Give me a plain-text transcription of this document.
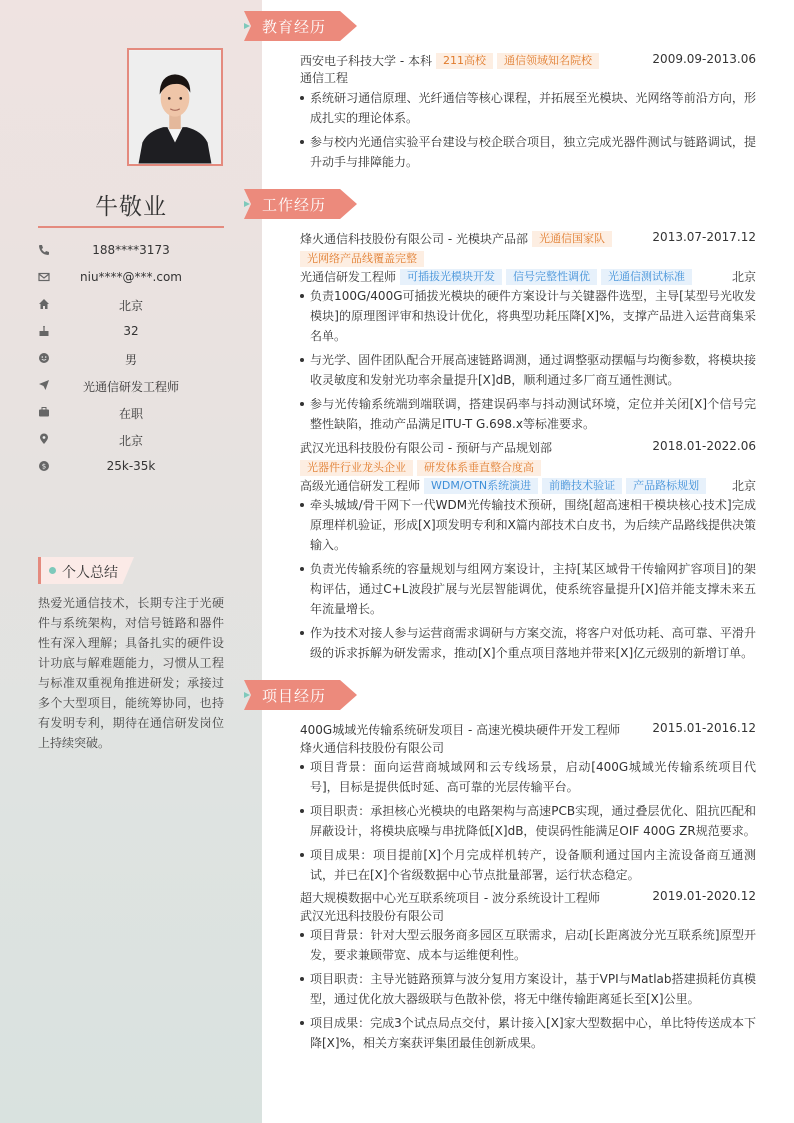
牛敬业
188****3173
niu****@***.com
北京
32
男
光通信研发工程师
在职
北京
$	25k-35k
个人总结
热爱光通信技术，长期专注于光硬件与系统架构，对信号链路和器件性有深入理解；具备扎实的硬件设计功底与解难题能力，习惯从工程与标准双重视角推进研发；承接过多个大型项目，能统筹协同，也持有发明专利，期待在通信研发岗位上持续突破。
教育经历
西安电子科技大学 - 本科 211高校 通信领域知名院校	2009.09-2013.06
通信工程
系统研习通信原理、光纤通信等核心课程，并拓展至光模块、光网络等前沿方向，形成扎实的理论体系。
参与校内光通信实验平台建设与校企联合项目，独立完成光器件测试与链路调试，提升动手与排障能力。
工作经历
烽火通信科技股份有限公司 - 光模块产品部 光通信国家队	2013.07-2017.12
光网络产品线覆盖完整
光通信研发工程师 可插拔光模块开发 信号完整性调优 光通信测试标准	北京
负责100G/400G可插拔光模块的硬件方案设计与关键器件选型，主导[某型号光收发模块]的原理图评审和热设计优化，将典型功耗压降[X]%，支撑产品进入运营商集采名单。
与光学、固件团队配合开展高速链路调测，通过调整驱动摆幅与均衡参数，将模块接收灵敏度和发射光功率余量提升[X]dB，顺利通过多厂商互通性测试。
参与光传输系统端到端联调，搭建误码率与抖动测试环境，定位并关闭[X]个信号完整性缺陷，推动产品满足ITU-T G.698.x等标准要求。
武汉光迅科技股份有限公司 - 预研与产品规划部	2018.01-2022.06
光器件行业龙头企业 研发体系垂直整合度高
高级光通信研发工程师 WDM/OTN系统演进 前瞻技术验证 产品路标规划	北京
牵头城域/骨干网下一代WDM光传输技术预研，围绕[超高速相干模块核心技术]完成原理样机验证，形成[X]项发明专利和X篇内部技术白皮书，为后续产品路线提供决策输入。
负责光传输系统的容量规划与组网方案设计，主持[某区域骨干传输网扩容项目]的架构评估，通过C+L波段扩展与光层智能调优，使系统容量提升[X]倍并能支撑未来五年流量增长。
作为技术对接人参与运营商需求调研与方案交流，将客户对低功耗、高可靠、平滑升级的诉求拆解为研发需求，推动[X]个重点项目落地并带来[X]亿元级别的新增订单。
项目经历
400G城域光传输系统研发项目 - 高速光模块硬件开发工程师	2015.01-2016.12
烽火通信科技股份有限公司
项目背景：面向运营商城域网和云专线场景，启动[400G城域光传输系统项目代号]，目标是提供低时延、高可靠的光层传输平台。
项目职责：承担核心光模块的电路架构与高速PCB实现，通过叠层优化、阻抗匹配和屏蔽设计，将模块底噪与串扰降低[X]dB，使误码性能满足OIF 400G ZR规范要求。
项目成果：项目提前[X]个月完成样机转产，设备顺利通过国内主流设备商互通测试，并已在[X]个省级数据中心节点批量部署，运行状态稳定。
超大规模数据中心光互联系统项目 - 波分系统设计工程师	2019.01-2020.12
武汉光迅科技股份有限公司
项目背景：针对大型云服务商多园区互联需求，启动[长距离波分光互联系统]原型开发，要求兼顾带宽、成本与运维便利性。
项目职责：主导光链路预算与波分复用方案设计，基于VPI与Matlab搭建损耗仿真模型，通过优化放大器级联与色散补偿，将无中继传输距离延长至[X]公里。
项目成果：完成3个试点局点交付，累计接入[X]家大型数据中心，单比特传送成本下降[X]%，相关方案获评集团最佳创新成果。
